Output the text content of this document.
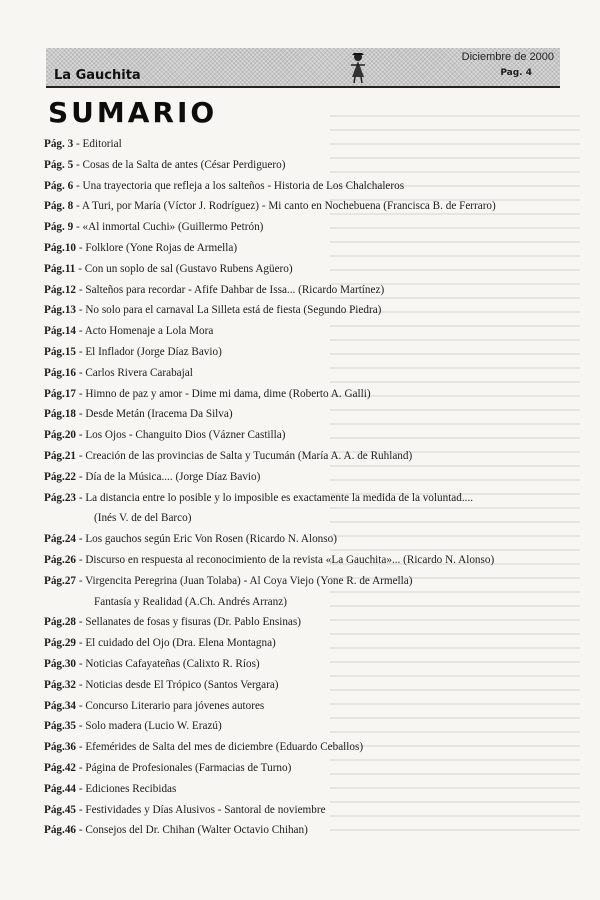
La Gauchita
Diciembre de 2000
Pag. 4
SUMARIO
Pág. 3 - Editorial
Pág. 5 - Cosas de la Salta de antes (César Perdiguero)
Pág. 6 - Una trayectoria que refleja a los salteños - Historia de Los Chalchaleros
Pág. 8 - A Turi, por María (Víctor J. Rodríguez) - Mi canto en Nochebuena (Francisca B. de Ferraro)
Pág. 9 - «Al inmortal Cuchi» (Guillermo Petrón)
Pág.10 - Folklore (Yone Rojas de Armella)
Pág.11 - Con un soplo de sal (Gustavo Rubens Agüero)
Pág.12 - Salteños para recordar - Afife Dahbar de Issa... (Ricardo Martínez)
Pág.13 - No solo para el carnaval La Silleta está de fiesta (Segundo Piedra)
Pág.14 - Acto Homenaje a Lola Mora
Pág.15 - El Inflador (Jorge Díaz Bavio)
Pág.16 - Carlos Rivera Carabajal
Pág.17 - Himno de paz y amor - Dime mi dama, dime (Roberto A. Galli)
Pág.18 - Desde Metán (Iracema Da Silva)
Pág.20 - Los Ojos - Changuito Dios (Vázner Castilla)
Pág.21 - Creación de las provincias de Salta y Tucumán (María A. A. de Ruhland)
Pág.22 - Día de la Música.... (Jorge Díaz Bavio)
Pág.23 - La distancia entre lo posible y lo imposible es exactamente la medida de la voluntad....
(Inés V. de del Barco)
Pág.24 - Los gauchos según Eric Von Rosen (Ricardo N. Alonso)
Pág.26 - Discurso en respuesta al reconocimiento de la revista «La Gauchita»... (Ricardo N. Alonso)
Pág.27 - Virgencita Peregrina (Juan Tolaba) - Al Coya Viejo (Yone R. de Armella)
Fantasía y Realidad (A.Ch. Andrés Arranz)
Pág.28 - Sellanates de fosas y fisuras (Dr. Pablo Ensinas)
Pág.29 - El cuidado del Ojo (Dra. Elena Montagna)
Pág.30 - Noticias Cafayateñas (Calixto R. Ríos)
Pág.32 - Noticias desde El Trópico (Santos Vergara)
Pág.34 - Concurso Literario para jóvenes autores
Pág.35 - Solo madera (Lucio W. Erazú)
Pág.36 - Efemérides de Salta del mes de diciembre (Eduardo Ceballos)
Pág.42 - Página de Profesionales (Farmacias de Turno)
Pág.44 - Ediciones Recibidas
Pág.45 - Festividades y Días Alusivos - Santoral de noviembre
Pág.46 - Consejos del Dr. Chihan (Walter Octavio Chihan)
